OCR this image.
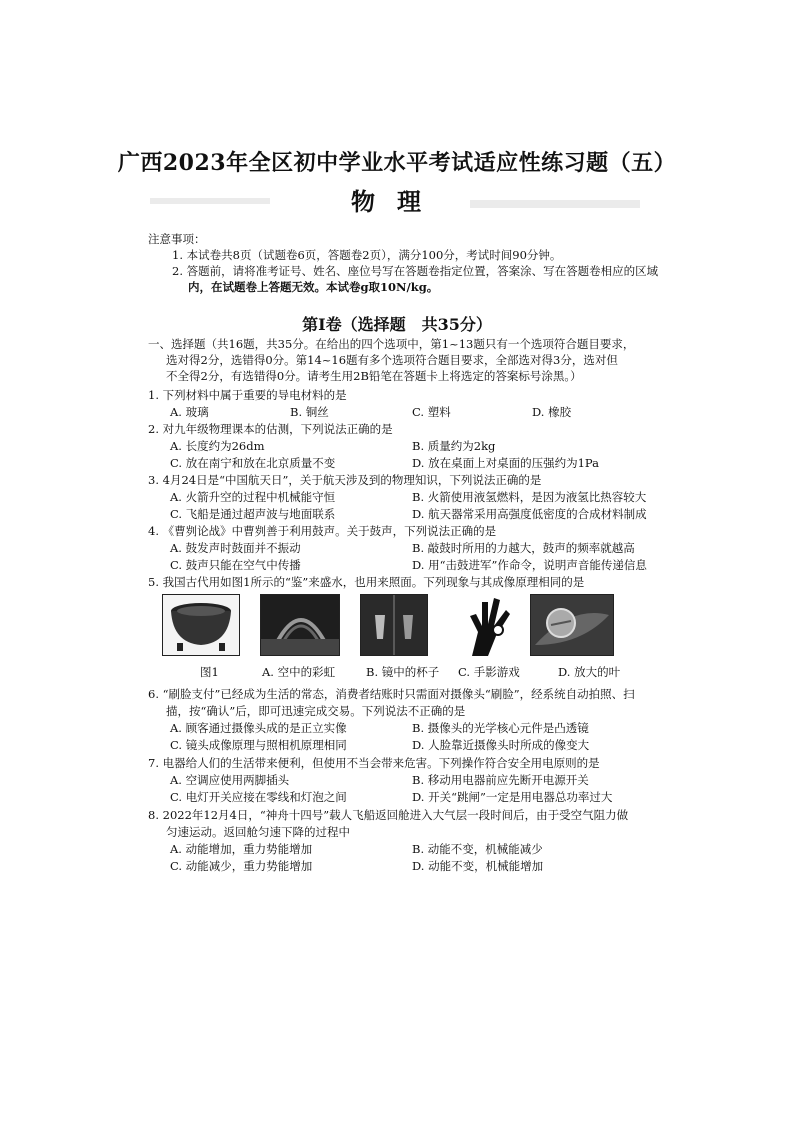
广西2023年全区初中学业水平考试适应性练习题（五）
物理
注意事项：
1. 本试卷共8页（试题卷6页，答题卷2页），满分100分，考试时间90分钟。
2. 答题前，请将准考证号、姓名、座位号写在答题卷指定位置，答案涂、写在答题卷相应的区域
内，在试题卷上答题无效。本试卷g取10N/kg。
第Ⅰ卷（选择题　共35分）
一、选择题（共16题，共35分。在给出的四个选项中，第1~13题只有一个选项符合题目要求，
选对得2分，选错得0分。第14~16题有多个选项符合题目要求，全部选对得3分，选对但
不全得2分，有选错得0分。请考生用2B铅笔在答题卡上将选定的答案标号涂黑。）
1. 下列材料中属于重要的导电材料的是
A. 玻璃	B. 铜丝	C. 塑料	D. 橡胶
2. 对九年级物理课本的估测，下列说法正确的是
A. 长度约为26dm	B. 质量约为2kg
C. 放在南宁和放在北京质量不变	D. 放在桌面上对桌面的压强约为1Pa
3. 4月24日是“中国航天日”，关于航天涉及到的物理知识，下列说法正确的是
A. 火箭升空的过程中机械能守恒	B. 火箭使用液氢燃料，是因为液氢比热容较大
C. 飞船是通过超声波与地面联系	D. 航天器常采用高强度低密度的合成材料制成
4. 《曹刿论战》中曹刿善于利用鼓声。关于鼓声，下列说法正确的是
A. 鼓发声时鼓面并不振动	B. 敲鼓时所用的力越大，鼓声的频率就越高
C. 鼓声只能在空气中传播	D. 用“击鼓进军”作命令，说明声音能传递信息
5. 我国古代用如图1所示的“鉴”来盛水，也用来照面。下列现象与其成像原理相同的是
图1	A. 空中的彩虹	B. 镜中的杯子 C. 手影游戏	D. 放大的叶
6. “刷脸支付”已经成为生活的常态，消费者结账时只需面对摄像头“刷脸”，经系统自动拍照、扫
描，按“确认”后，即可迅速完成交易。下列说法不正确的是
A. 顾客通过摄像头成的是正立实像	B. 摄像头的光学核心元件是凸透镜
C. 镜头成像原理与照相机原理相同	D. 人脸靠近摄像头时所成的像变大
7. 电器给人们的生活带来便利，但使用不当会带来危害。下列操作符合安全用电原则的是
A. 空调应使用两脚插头	B. 移动用电器前应先断开电源开关
C. 电灯开关应接在零线和灯泡之间	D. 开关“跳闸”一定是用电器总功率过大
8. 2022年12月4日，“神舟十四号”载人飞船返回舱进入大气层一段时间后，由于受空气阻力做
匀速运动。返回舱匀速下降的过程中
A. 动能增加，重力势能增加	B. 动能不变，机械能减少
C. 动能减少，重力势能增加	D. 动能不变，机械能增加
